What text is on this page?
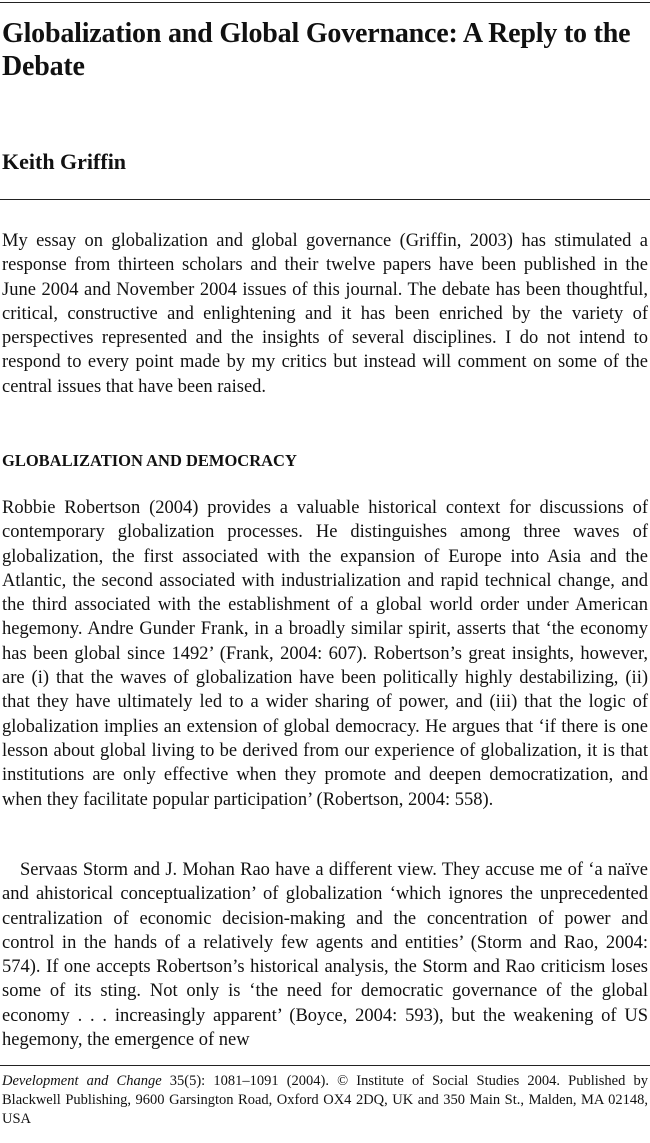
Globalization and Global Governance: A Reply to the Debate

Keith Griffin

My essay on globalization and global governance (Griffin, 2003) has stimulated a response from thirteen scholars and their twelve papers have been published in the June 2004 and November 2004 issues of this journal. The debate has been thoughtful, critical, constructive and enlightening and it has been enriched by the variety of perspectives represented and the insights of several disciplines. I do not intend to respond to every point made by my critics but instead will comment on some of the central issues that have been raised.

GLOBALIZATION AND DEMOCRACY

Robbie Robertson (2004) provides a valuable historical context for discussions of contemporary globalization processes. He distinguishes among three waves of globalization, the first associated with the expansion of Europe into Asia and the Atlantic, the second associated with industrialization and rapid technical change, and the third associated with the establishment of a global world order under American hegemony. Andre Gunder Frank, in a broadly similar spirit, asserts that ‘the economy has been global since 1492’ (Frank, 2004: 607). Robertson’s great insights, however, are (i) that the waves of globalization have been politically highly destabilizing, (ii) that they have ultimately led to a wider sharing of power, and (iii) that the logic of globalization implies an extension of global democracy. He argues that ‘if there is one lesson about global living to be derived from our experience of globalization, it is that institutions are only effective when they promote and deepen democratization, and when they facilitate popular participation’ (Robertson, 2004: 558).

Servaas Storm and J. Mohan Rao have a different view. They accuse me of ‘a naïve and ahistorical conceptualization’ of globalization ‘which ignores the unprecedented centralization of economic decision-making and the concentration of power and control in the hands of a relatively few agents and entities’ (Storm and Rao, 2004: 574). If one accepts Robertson’s historical analysis, the Storm and Rao criticism loses some of its sting. Not only is ‘the need for democratic governance of the global economy . . . increasingly apparent’ (Boyce, 2004: 593), but the weakening of US hegemony, the emergence of new

Development and Change 35(5): 1081–1091 (2004). © Institute of Social Studies 2004. Published by Blackwell Publishing, 9600 Garsington Road, Oxford OX4 2DQ, UK and 350 Main St., Malden, MA 02148, USA
